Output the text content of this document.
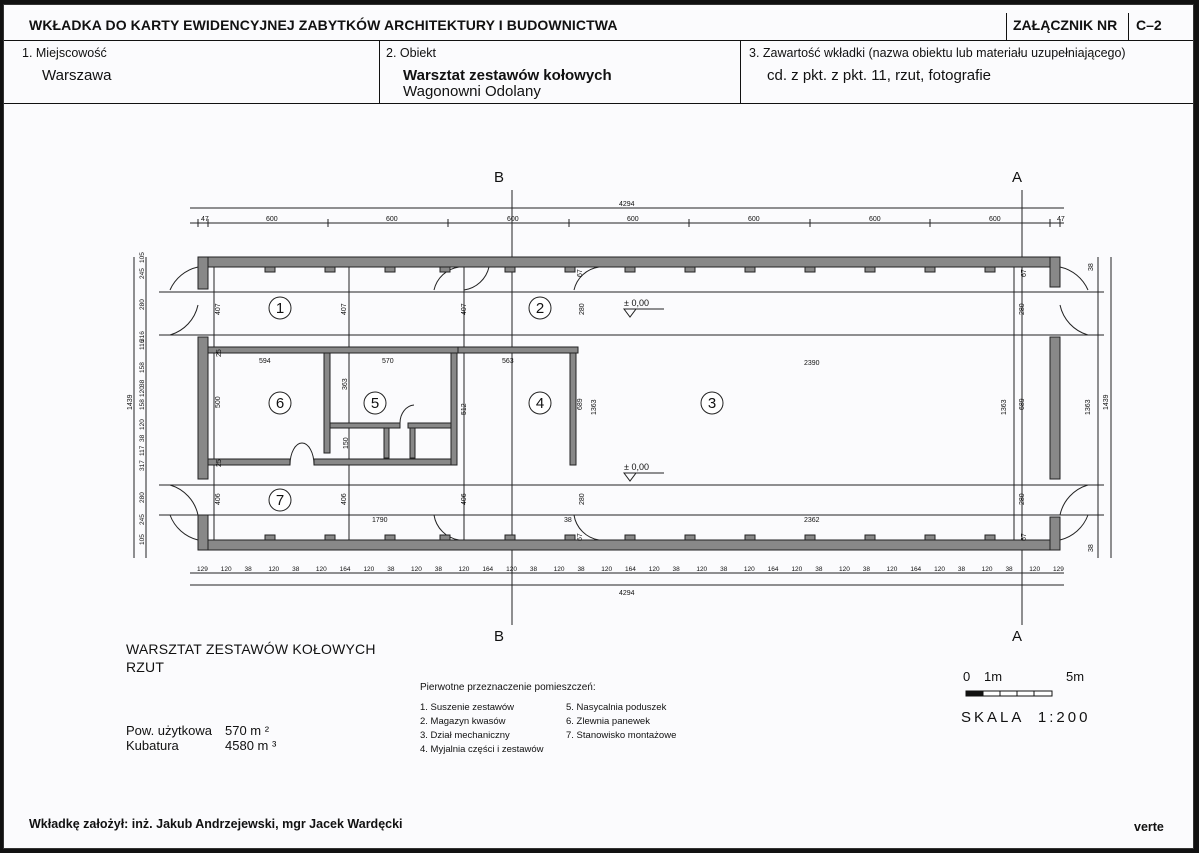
WKŁADKA DO KARTY EWIDENCYJNEJ ZABYTKÓW ARCHITEKTURY I BUDOWNICTWA	ZAŁĄCZNIK NR C–2
1. Miejscowość
Warszawa
2. Obiekt
Warsztat zestawów kołowych
Wagonowni Odolany
3. Zawartość wkładki (nazwa obiektu lub materiału uzupełniającego)
cd. z pkt. z pkt. 11, rzut, fotografie
B	A
B	A
4294
4294
1439	1439
47	600	600	600	600	600	600	600	47
129 120 38	120 38	120 164 120 38	120 38	120 164 120 38	120 38	120 164 120 38	120 38	120 164 120 38	120 38	120 164 120 38	120 38	120 129
105
245
280
316
116
158
38
120
158
120
38
117
317
280
245
105
594	570	563	2390
1790	2362
407	407	407
406	406	406
500
363
512	689 1363	1363 689	1363
280	280
280	280
67	67
67	67
38
25
25
150
38
38
1	2
3
4
5
6
7
± 0,00
± 0,00
WARSZTAT ZESTAWÓW KOŁOWYCH
RZUT
Pow. użytkowa 570 m ²
Kubatura	4580 m ³
Pierwotne przeznaczenie pomieszczeń:
1. Suszenie zestawów
2. Magazyn kwasów
3. Dział mechaniczny
4. Myjalnia części i zestawów
5. Nasycalnia poduszek
6. Zlewnia panewek
7. Stanowisko montażowe
0 1m	5m
SKALA  1:200
Wkładkę założył: inż. Jakub Andrzejewski, mgr Jacek Wardęcki	verte
